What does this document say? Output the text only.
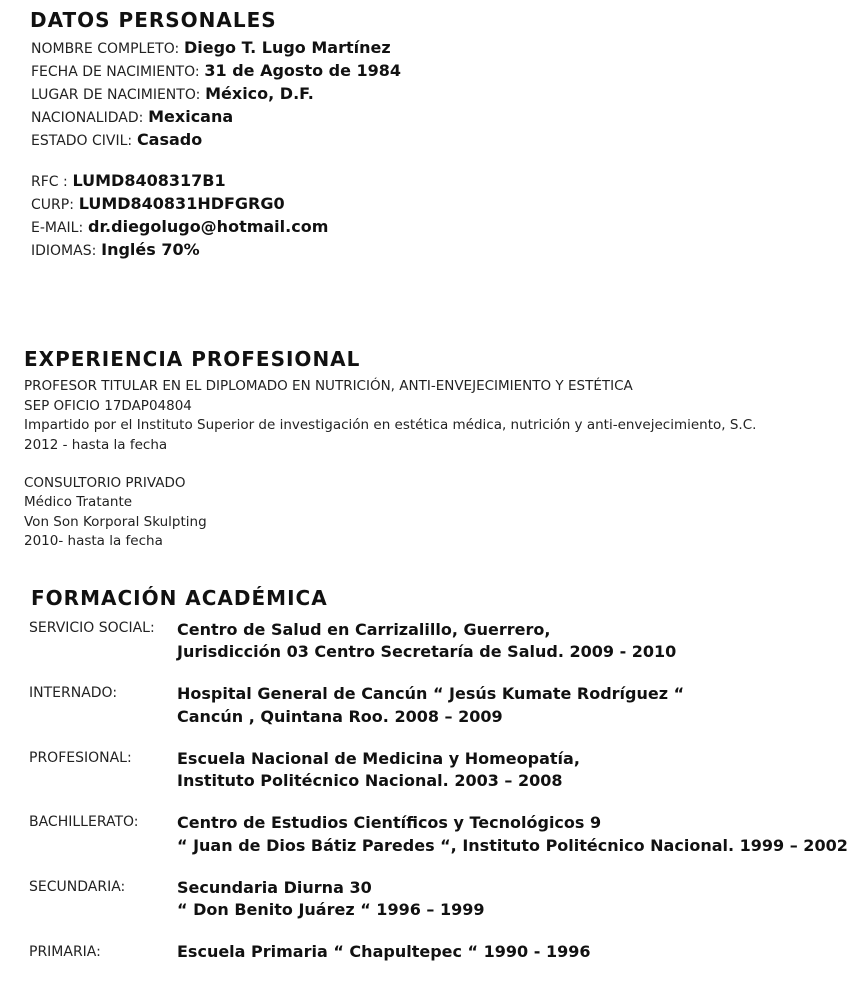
DATOS PERSONALES
NOMBRE COMPLETO: Diego T. Lugo Martínez
FECHA DE NACIMIENTO: 31 de Agosto de 1984
LUGAR DE NACIMIENTO: México, D.F.
NACIONALIDAD: Mexicana
ESTADO CIVIL: Casado
RFC : LUMD8408317B1
CURP: LUMD840831HDFGRG0
E-MAIL: dr.diegolugo@hotmail.com
IDIOMAS: Inglés 70%
EXPERIENCIA PROFESIONAL
PROFESOR TITULAR EN EL DIPLOMADO EN NUTRICIÓN, ANTI-ENVEJECIMIENTO Y ESTÉTICA
SEP OFICIO 17DAP04804
Impartido por el Instituto Superior de investigación en estética médica, nutrición y anti-envejecimiento, S.C.
2012 - hasta la fecha
CONSULTORIO PRIVADO
Médico Tratante
Von Son Korporal Skulpting
2010- hasta la fecha
FORMACIÓN ACADÉMICA
SERVICIO SOCIAL: Centro de Salud en Carrizalillo, Guerrero,
Jurisdicción 03 Centro Secretaría de Salud. 2009 - 2010
INTERNADO:	Hospital General de Cancún “ Jesús Kumate Rodríguez “
Cancún , Quintana Roo. 2008 – 2009
PROFESIONAL:	Escuela Nacional de Medicina y Homeopatía,
Instituto Politécnico Nacional. 2003 – 2008
BACHILLERATO: Centro de Estudios Científicos y Tecnológicos 9
“ Juan de Dios Bátiz Paredes “, Instituto Politécnico Nacional. 1999 – 2002
SECUNDARIA:	Secundaria Diurna 30
“ Don Benito Juárez “ 1996 – 1999
PRIMARIA:	Escuela Primaria “ Chapultepec “ 1990 - 1996
